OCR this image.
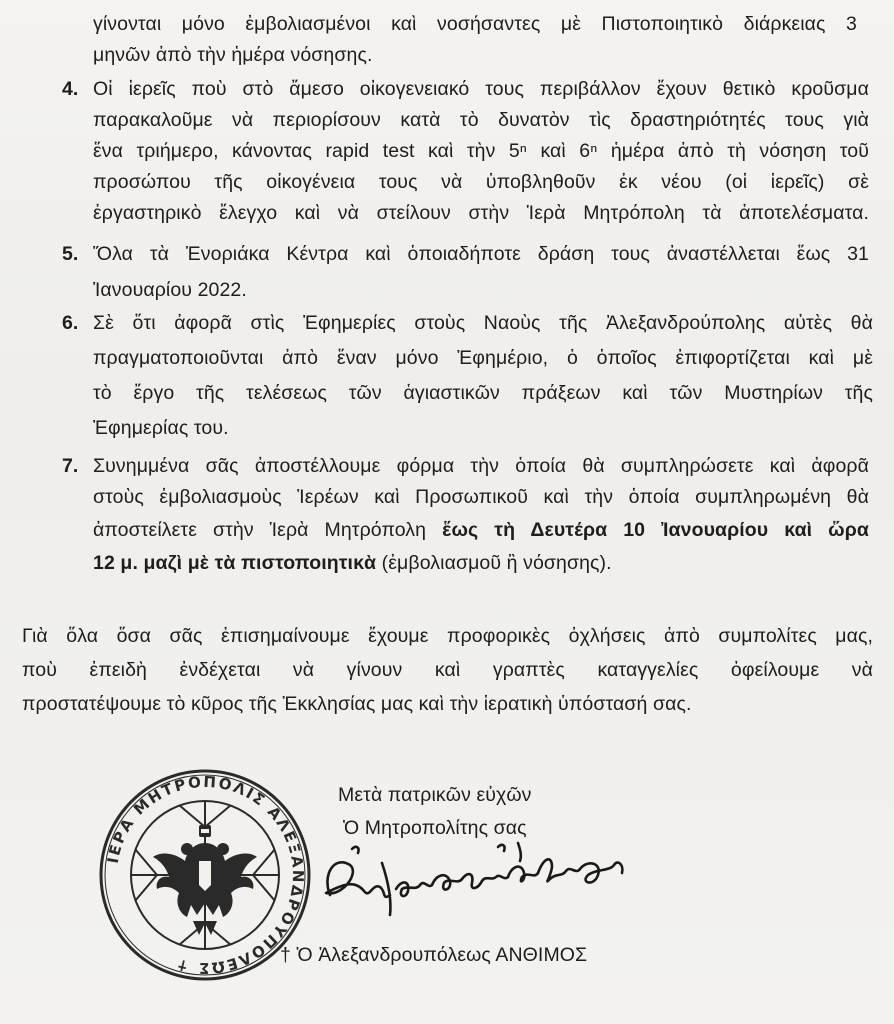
γίνονται μόνο ἐμβολιασμένοι καὶ νοσήσαντες μὲ Πιστοποιητικὸ διάρκειας 3
μηνῶν ἀπὸ τὴν ἡμέρα νόσησης.
4. Οἱ ἱερεῖς ποὺ στὸ ἄμεσο οἰκογενειακό τους περιβάλλον ἔχουν θετικὸ κροῦσμα
παρακαλοῦμε νὰ περιορίσουν κατὰ τὸ δυνατὸν τὶς δραστηριότητές τους γιὰ
ἕνα τριήμερο, κάνοντας rapid test καὶ τὴν 5ⁿ καὶ 6ⁿ ἡμέρα ἀπὸ τὴ νόσηση τοῦ
προσώπου τῆς οἰκογένεια τους νὰ ὑποβληθοῦν ἐκ νέου (οἱ ἱερεῖς) σὲ
ἐργαστηρικὸ ἔλεγχο καὶ νὰ στείλουν στὴν Ἱερὰ Μητρόπολη τὰ ἀποτελέσματα.
5. Ὅλα τὰ Ἐνοριάκα Κέντρα καὶ ὁποιαδήποτε δράση τους ἀναστέλλεται ἕως 31
Ἰανουαρίου 2022.
6. Σὲ ὅτι ἀφορᾶ στὶς Ἐφημερίες στοὺς Ναοὺς τῆς Ἀλεξανδρούπολης αὐτὲς θὰ
πραγματοποιοῦνται ἀπὸ ἕναν μόνο Ἐφημέριο, ὁ ὁποῖος ἐπιφορτίζεται καὶ μὲ
τὸ ἔργο τῆς τελέσεως τῶν ἁγιαστικῶν πράξεων καὶ τῶν Μυστηρίων τῆς
Ἐφημερίας του.
7. Συνημμένα σᾶς ἀποστέλλουμε φόρμα τὴν ὁποία θὰ συμπληρώσετε καὶ ἀφορᾶ
στοὺς ἐμβολιασμοὺς Ἱερέων καὶ Προσωπικοῦ καὶ τὴν ὁποία συμπληρωμένη θὰ
ἀποστείλετε στὴν Ἱερὰ Μητρόπολη ἕως τὴ Δευτέρα 10 Ἰανουαρίου καὶ ὥρα
12 μ. μαζὶ μὲ τὰ πιστοποιητικὰ (ἐμβολιασμοῦ ἢ νόσησης).
Γιὰ ὅλα ὅσα σᾶς ἐπισημαίνουμε ἔχουμε προφορικὲς ὀχλήσεις ἀπὸ συμπολίτες μας,
ποὺ ἐπειδὴ ἐνδέχεται νὰ γίνουν καὶ γραπτὲς καταγγελίες ὀφείλουμε νὰ
προστατέψουμε τὸ κῦρος τῆς Ἐκκλησίας μας καὶ τὴν ἱερατικὴ ὑπόστασή σας.
Μετὰ πατρικῶν εὐχῶν
Ὁ Μητροπολίτης σας
† Ὁ Ἀλεξανδρουπόλεως ΑΝΘΙΜΟΣ
ΙΕΡΑ ΜΗΤΡΟΠΟΛΙΣ ΑΛΕΞΑΝΔΡΟΥΠΟΛΕΩΣ ✝
